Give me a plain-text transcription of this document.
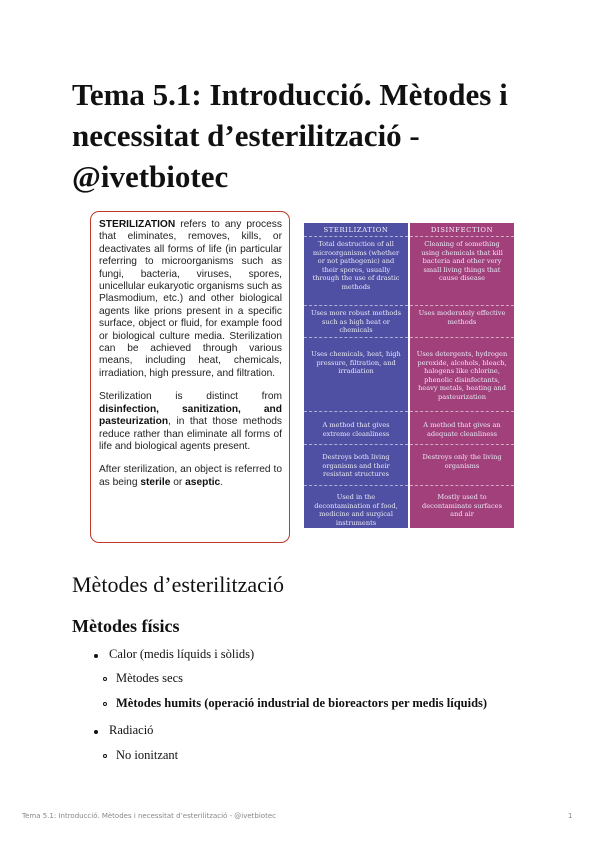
Tema 5.1: Introducció. Mètodes i necessitat d’esterilització - @ivetbiotec

STERILIZATION refers to any process that eliminates, removes, kills, or deactivates all forms of life (in particular referring to microorganisms such as fungi, bacteria, viruses, spores, unicellular eukaryotic organisms such as Plasmodium, etc.) and other biological agents like prions present in a specific surface, object or fluid, for example food or biological culture media. Sterilization can be achieved through various means, including heat, chemicals, irradiation, high pressure, and filtration.

Sterilization is distinct from disinfection, sanitization, and pasteurization, in that those methods reduce rather than eliminate all forms of life and biological agents present.

After sterilization, an object is referred to as being sterile or aseptic.

STERILIZATION
Total destruction of all microorganisms (whether or not pathogenic) and their spores, usually through the use of drastic methods
Uses more robust methods such as high heat or chemicals
Uses chemicals, heat, high pressure, filtration, and irradiation
A method that gives extreme cleanliness
Destroys both living organisms and their resistant structures
Used in the decontamination of food, medicine and surgical instruments
DISINFECTION
Cleaning of something using chemicals that kill bacteria and other very small living things that cause disease
Uses moderately effective methods
Uses detergents, hydrogen peroxide, alcohols, bleach, halogens like chlorine, phenolic disinfectants, heavy metals, heating and pasteurization
A method that gives an adequate cleanliness
Destroys only the living organisms
Mostly used to decontaminate surfaces and air
Mètodes d’esterilització
Mètodes físics
Calor (medis líquids i sòlids)
Mètodes secs
Mètodes humits (operació industrial de bioreactors per medis líquids)
Radiació
No ionitzant
Tema 5.1: Introducció. Mètodes i necessitat d’esterilització - @ivetbiotec	1
